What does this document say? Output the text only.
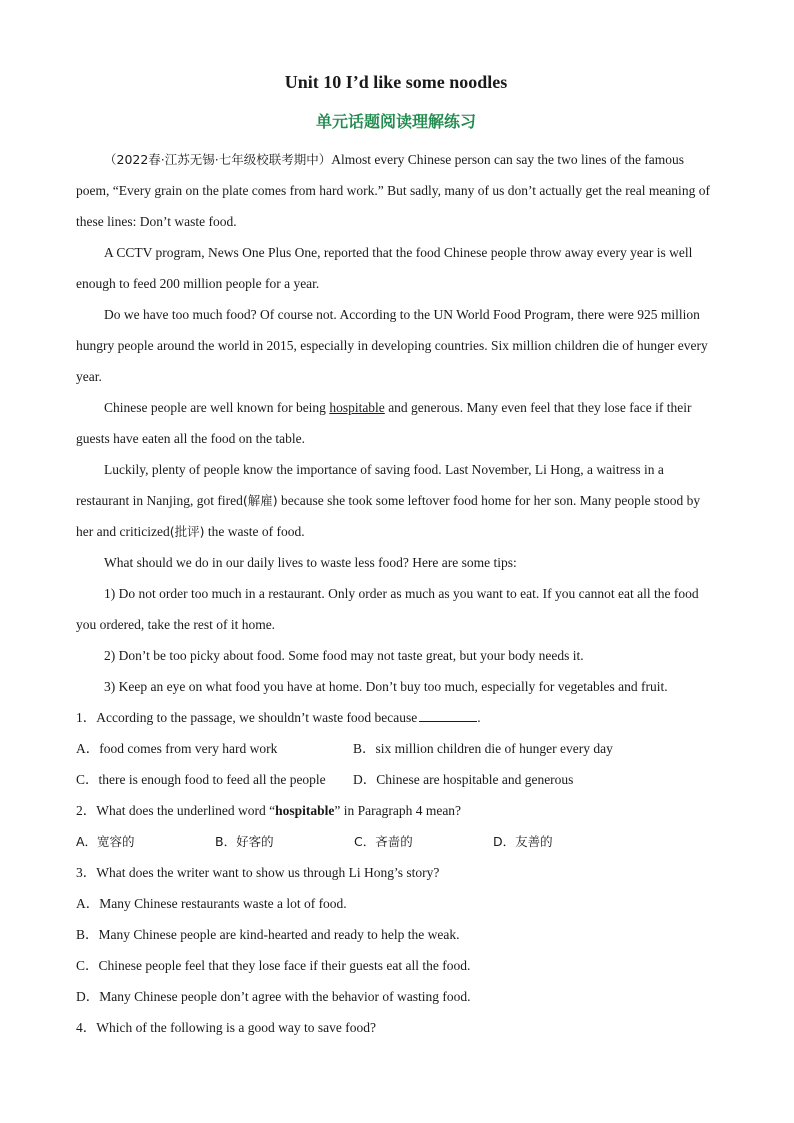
Unit 10 I’d like some noodles
单元话题阅读理解练习

（2022春·江苏无锡·七年级校联考期中）Almost every Chinese person can say the two lines of the famous poem, “Every grain on the plate comes from hard work.” But sadly, many of us don’t actually get the real meaning of these lines: Don’t waste food.

A CCTV program, News One Plus One, reported that the food Chinese people throw away every year is well enough to feed 200 million people for a year.

Do we have too much food? Of course not. According to the UN World Food Program, there were 925 million hungry people around the world in 2015, especially in developing countries. Six million children die of hunger every year.

Chinese people are well known for being hospitable and generous. Many even feel that they lose face if their guests have eaten all the food on the table.

Luckily, plenty of people know the importance of saving food. Last November, Li Hong, a waitress in a restaurant in Nanjing, got fired(解雇) because she took some leftover food home for her son. Many people stood by her and criticized(批评) the waste of food.

What should we do in our daily lives to waste less food? Here are some tips:

1) Do not order too much in a restaurant. Only order as much as you want to eat. If you cannot eat all the food you ordered, take the rest of it home.

2) Don’t be too picky about food. Some food may not taste great, but your body needs it.

3) Keep an eye on what food you have at home. Don’t buy too much, especially for vegetables and fruit.

1．According to the passage, we shouldn’t waste food because	.
A．food comes from very hard work	B．six million children die of hunger every day
C．there is enough food to feed all the people	D．Chinese are hospitable and generous
2．What does the underlined word “hospitable” in Paragraph 4 mean?
A．宽容的	B．好客的	C．吝啬的	D．友善的
3．What does the writer want to show us through Li Hong’s story?
A．Many Chinese restaurants waste a lot of food.
B．Many Chinese people are kind-hearted and ready to help the weak.
C．Chinese people feel that they lose face if their guests eat all the food.
D．Many Chinese people don’t agree with the behavior of wasting food.
4．Which of the following is a good way to save food?
